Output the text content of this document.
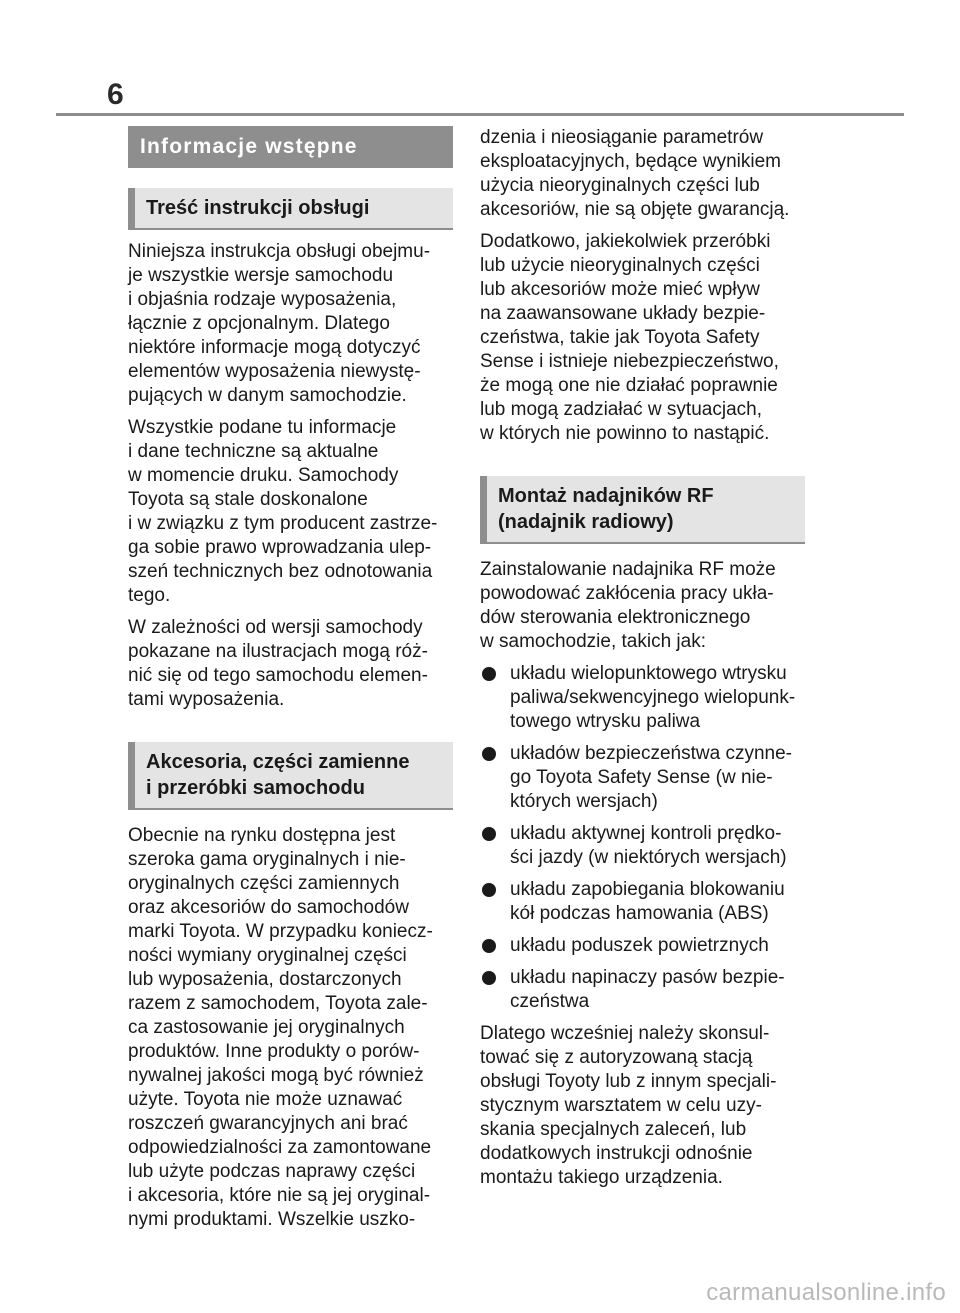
6
Informacje wstępne
Treść instrukcji obsługi

Niniejsza instrukcja obsługi obejmu-
je wszystkie wersje samochodu
i objaśnia rodzaje wyposażenia,
łącznie z opcjonalnym. Dlatego
niektóre informacje mogą dotyczyć
elementów wyposażenia niewystę-
pujących w danym samochodzie.

Wszystkie podane tu informacje
i dane techniczne są aktualne
w momencie druku. Samochody
Toyota są stale doskonalone
i w związku z tym producent zastrze-
ga sobie prawo wprowadzania ulep-
szeń technicznych bez odnotowania
tego.

W zależności od wersji samochody
pokazane na ilustracjach mogą róż-
nić się od tego samochodu elemen-
tami wyposażenia.

Akcesoria, części zamienne
i przeróbki samochodu

Obecnie na rynku dostępna jest
szeroka gama oryginalnych i nie-
oryginalnych części zamiennych
oraz akcesoriów do samochodów
marki Toyota. W przypadku koniecz-
ności wymiany oryginalnej części
lub wyposażenia, dostarczonych
razem z samochodem, Toyota zale-
ca zastosowanie jej oryginalnych
produktów. Inne produkty o porów-
nywalnej jakości mogą być również
użyte. Toyota nie może uznawać
roszczeń gwarancyjnych ani brać
odpowiedzialności za zamontowane
lub użyte podczas naprawy części
i akcesoria, które nie są jej oryginal-
nymi produktami. Wszelkie uszko-

dzenia i nieosiąganie parametrów
eksploatacyjnych, będące wynikiem
użycia nieoryginalnych części lub
akcesoriów, nie są objęte gwarancją.

Dodatkowo, jakiekolwiek przeróbki
lub użycie nieoryginalnych części
lub akcesoriów może mieć wpływ
na zaawansowane układy bezpie-
czeństwa, takie jak Toyota Safety
Sense i istnieje niebezpieczeństwo,
że mogą one nie działać poprawnie
lub mogą zadziałać w sytuacjach,
w których nie powinno to nastąpić.

Montaż nadajników RF
(nadajnik radiowy)

Zainstalowanie nadajnika RF może
powodować zakłócenia pracy ukła-
dów sterowania elektronicznego
w samochodzie, takich jak:

układu wielopunktowego wtrysku
paliwa/sekwencyjnego wielopunk-
towego wtrysku paliwa
układów bezpieczeństwa czynne-
go Toyota Safety Sense (w nie-
których wersjach)
układu aktywnej kontroli prędko-
ści jazdy (w niektórych wersjach)
układu zapobiegania blokowaniu
kół podczas hamowania (ABS)
układu poduszek powietrznych
układu napinaczy pasów bezpie-
czeństwa

Dlatego wcześniej należy skonsul-
tować się z autoryzowaną stacją
obsługi Toyoty lub z innym specjali-
stycznym warsztatem w celu uzy-
skania specjalnych zaleceń, lub
dodatkowych instrukcji odnośnie
montażu takiego urządzenia.

carmanualsonline.info
